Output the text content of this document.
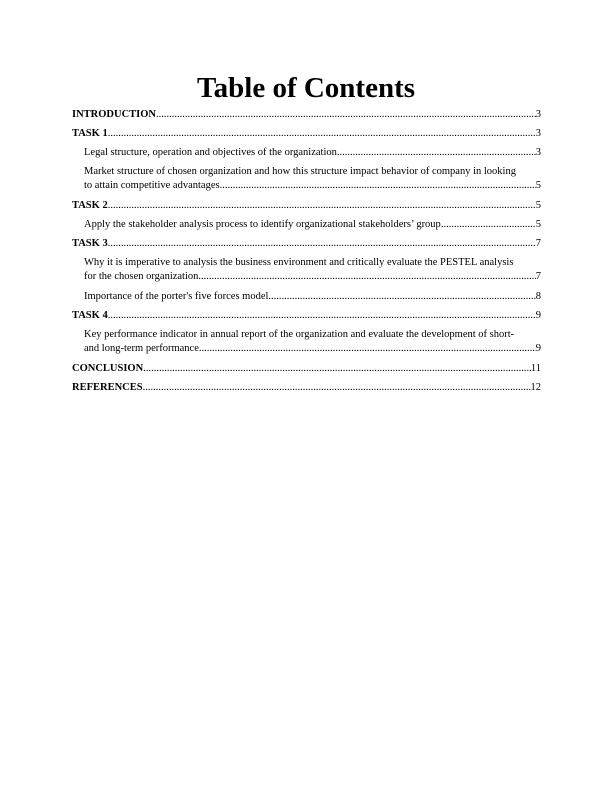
Table of Contents
INTRODUCTION .....	3
TASK 1 .....	3
Legal structure, operation and objectives of the organization .....	3
Market structure of chosen organization and how this structure impact behavior of company in looking
to attain competitive advantages .....	5
TASK 2 .....	5
Apply the stakeholder analysis process to identify organizational stakeholders’ group .....	5
TASK 3 .....	7
Why it is imperative to analysis the business environment and critically evaluate the PESTEL analysis
for the chosen organization .....	7
Importance of the porter's five forces model .....	8
TASK 4 .....	9
Key performance indicator in annual report of the organization and evaluate the development of short-
and long-term performance .....	9
CONCLUSION .....	11
REFERENCES .....	12
